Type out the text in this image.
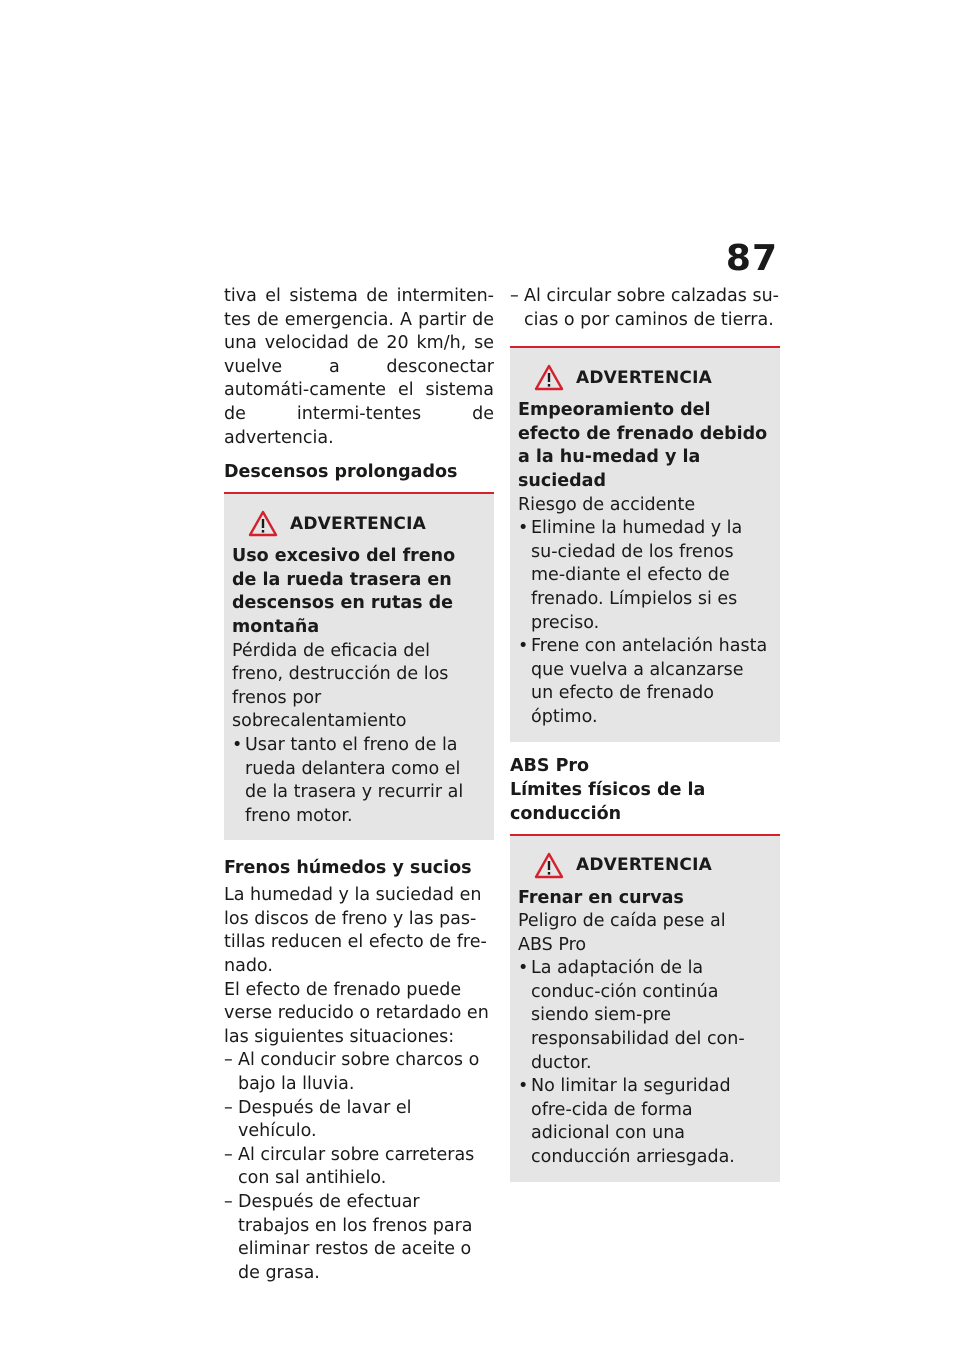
87

tiva el sistema de intermiten-tes de emergencia. A partir de una velocidad de 20 km/h, se vuelve a desconectar automáti-camente el sistema de intermi-tentes de advertencia.

Descensos prolongados
ADVERTENCIA
Uso excesivo del freno de la rueda trasera en descensos en rutas de montaña

Pérdida de eficacia del freno, destrucción de los frenos por sobrecalentamiento

• Usar tanto el freno de la rueda delantera como el de la trasera y recurrir al freno motor.
Frenos húmedos y sucios

La humedad y la suciedad en los discos de freno y las pas-tillas reducen el efecto de fre-nado.

El efecto de frenado puede verse reducido o retardado en las siguientes situaciones:

– Al conducir sobre charcos o bajo la lluvia.
– Después de lavar el vehículo.
– Al circular sobre carreteras con sal antihielo.
– Después de efectuar trabajos en los frenos para eliminar restos de aceite o de grasa.
– Al circular sobre calzadas su-cias o por caminos de tierra.
ADVERTENCIA
Empeoramiento del efecto de frenado debido a la hu-medad y la suciedad

Riesgo de accidente

• Elimine la humedad y la su-ciedad de los frenos me-diante el efecto de frenado. Límpielos si es preciso.
• Frene con antelación hasta que vuelva a alcanzarse un efecto de frenado óptimo.
ABS Pro
Límites físicos de la conducción
ADVERTENCIA
Frenar en curvas

Peligro de caída pese al

ABS Pro

• La adaptación de la conduc-ción continúa siendo siem-pre responsabilidad del con-ductor.
• No limitar la seguridad ofre-cida de forma adicional con una conducción arriesgada.
